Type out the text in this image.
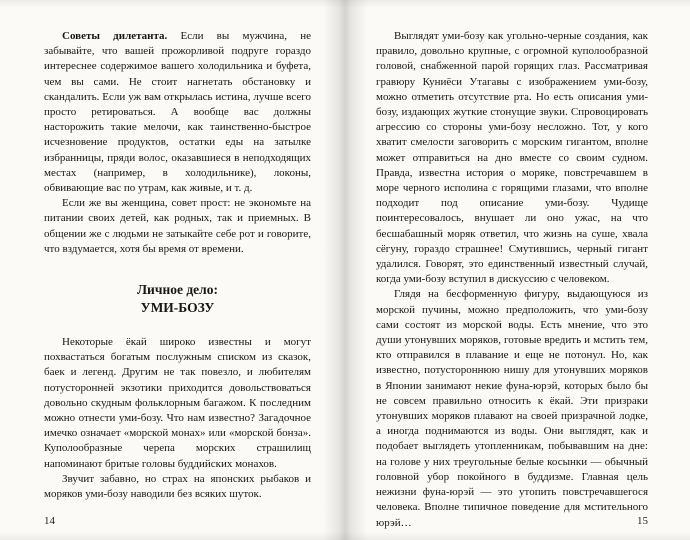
Советы дилетанта. Если вы мужчина, не забывайте, что вашей прожорливой подруге гораздо интереснее содержимое вашего холодильника и буфета, чем вы сами. Не стоит нагнетать обстановку и скандалить. Если уж вам открылась истина, лучше всего просто ретироваться. А вообще вас должны насторожить такие мелочи, как таинственно-быстрое исчезновение продуктов, остатки еды на затылке избранницы, пряди волос, оказавшиеся в неподходящих местах (например, в холодильнике), локоны, обвивающие вас по утрам, как живые, и т. д.

Если же вы женщина, совет прост: не экономьте на питании своих детей, как родных, так и приемных. В общении же с людьми не затыкайте себе рот и говорите, что вздумается, хотя бы время от времени.

Личное дело:
УМИ-БОЗУ

Некоторые ёкай широко известны и могут похвастаться богатым послужным списком из сказок, баек и легенд. Другим не так повезло, и любителям потусторонней экзотики приходится довольствоваться довольно скудным фольклорным багажом. К последним можно отнести уми-бозу. Что нам известно? Загадочное имечко означает «морской монах» или «морской бонза». Куполообразные черепа морских страшилищ напоминают бритые головы буддийских монахов.

Звучит забавно, но страх на японских рыбаков и моряков уми-бозу наводили без всяких шуток.

14

Выглядят уми-бозу как угольно-черные создания, как правило, довольно крупные, с огромной куполообразной головой, снабженной парой горящих глаз. Рассматривая гравюру Куниёси Утагавы с изображением уми-бозу, можно отметить отсутствие рта. Но есть описания уми-бозу, издающих жуткие стонущие звуки. Спровоцировать агрессию со стороны уми-бозу несложно. Тот, у кого хватит смелости заговорить с морским гигантом, вполне может отправиться на дно вместе со своим судном. Правда, известна история о моряке, повстречавшем в море черного исполина с горящими глазами, что вполне подходит под описание уми-бозу. Чудище поинтересовалось, внушает ли оно ужас, на что бесшабашный моряк ответил, что жизнь на суше, хвала сёгуну, гораздо страшнее! Смутившись, черный гигант удалился. Говорят, это единственный известный случай, когда уми-бозу вступил в дискуссию с человеком.

Глядя на бесформенную фигуру, выдающуюся из морской пучины, можно предположить, что уми-бозу сами состоят из морской воды. Есть мнение, что это души утонувших моряков, готовые вредить и мстить тем, кто отправился в плавание и еще не потонул. Но, как известно, потустороннюю нишу для утонувших моряков в Японии занимают некие фуна-юрэй, которых было бы не совсем правильно относить к ёкай. Эти призраки утонувших моряков плавают на своей призрачной лодке, а иногда поднимаются из воды. Они выглядят, как и подобает выглядеть утопленникам, побывавшим на дне: на голове у них треугольные белые косынки — обычный головной убор покойного в буддизме. Главная цель нежизни фуна-юрэй — это утопить повстречавшегося человека. Вполне типичное поведение для мстительного юрэй…	15
